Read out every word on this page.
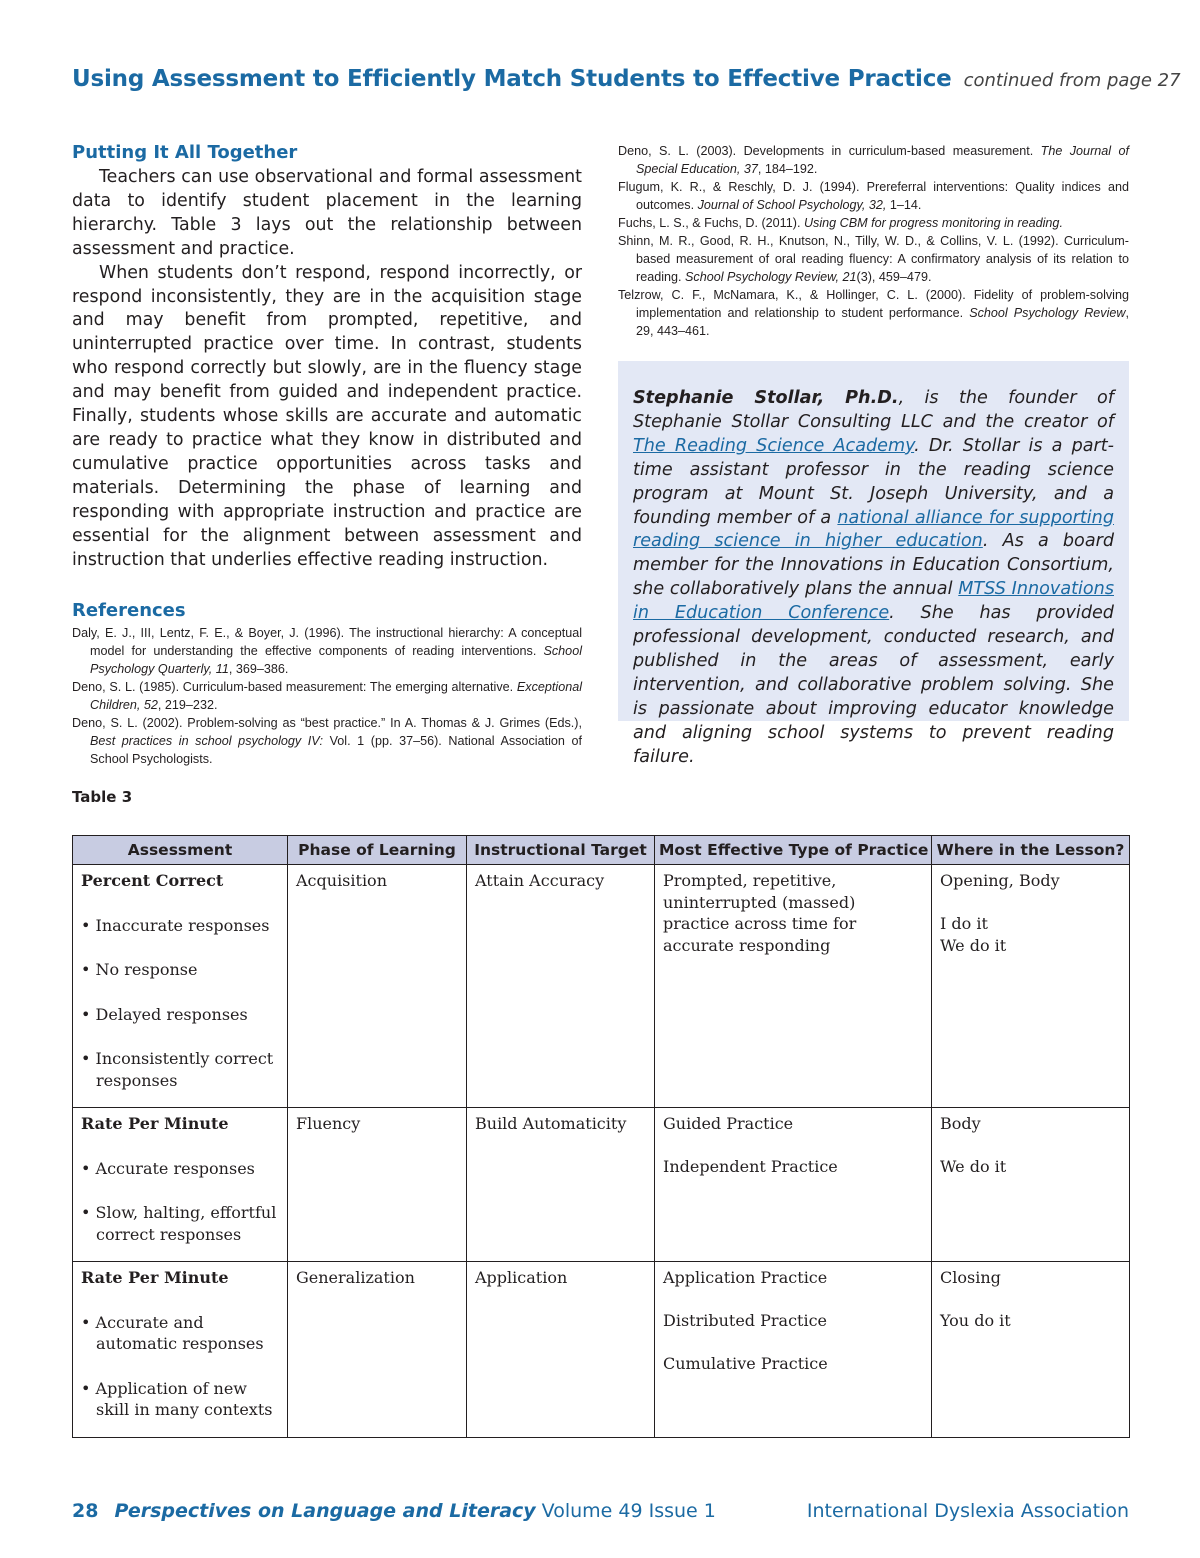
Using Assessment to Efficiently Match Students to Effective Practice continued from page 27
Putting It All Together

Teachers can use observational and formal assessment data to identify student placement in the learning hierarchy. Table 3 lays out the relationship between assessment and practice.

When students don’t respond, respond incorrectly, or respond inconsistently, they are in the acquisition stage and may benefit from prompted, repetitive, and uninterrupted practice over time. In contrast, students who respond correctly but slowly, are in the fluency stage and may benefit from guided and independent practice. Finally, students whose skills are accurate and automatic are ready to practice what they know in distributed and cumulative practice opportunities across tasks and materials. Determining the phase of learning and responding with appropriate instruction and practice are essential for the alignment between assessment and instruction that underlies effective reading instruction.

References

Daly, E. J., III, Lentz, F. E., & Boyer, J. (1996). The instructional hierarchy: A conceptual model for understanding the effective components of reading interventions. School Psychology Quarterly, 11, 369–386.

Deno, S. L. (1985). Curriculum-based measurement: The emerging alternative. Exceptional Children, 52, 219–232.

Deno, S. L. (2002). Problem-solving as “best practice.” In A. Thomas & J. Grimes (Eds.), Best practices in school psychology IV: Vol. 1 (pp. 37–56). National Association of School Psychologists.

Deno, S. L. (2003). Developments in curriculum-based measurement. The Journal of Special Education, 37, 184–192.

Flugum, K. R., & Reschly, D. J. (1994). Prereferral interventions: Quality indices and outcomes. Journal of School Psychology, 32, 1–14.

Fuchs, L. S., & Fuchs, D. (2011). Using CBM for progress monitoring in reading.

Shinn, M. R., Good, R. H., Knutson, N., Tilly, W. D., & Collins, V. L. (1992). Curriculum-based measurement of oral reading fluency: A confirmatory analysis of its relation to reading. School Psychology Review, 21(3), 459–479.

Telzrow, C. F., McNamara, K., & Hollinger, C. L. (2000). Fidelity of problem-solving implementation and relationship to student performance. School Psychology Review, 29, 443–461.

Stephanie Stollar, Ph.D., is the founder of Stephanie Stollar Consulting LLC and the creator of The Reading Science Academy. Dr. Stollar is a part-time assistant professor in the reading science program at Mount St. Joseph University, and a founding member of a national alliance for supporting reading science in higher education. As a board member for the Innovations in Education Consortium, she collaboratively plans the annual MTSS Innovations in Education Conference. She has provided professional development, conducted research, and published in the areas of assessment, early intervention, and collaborative problem solving. She is passionate about improving educator knowledge and aligning school systems to prevent reading failure.

Table 3
Assessment	Phase of Learning	Instructional Target	Most Effective Type of Practice	Where in the Lesson?

Percent Correct
• Inaccurate responses
• No response
• Delayed responses
• Inconsistently correct responses	Acquisition	Attain Accuracy	Prompted, repetitive, uninterrupted (massed) practice across time for accurate responding	Opening, Body
I do it
We do it

Rate Per Minute
• Accurate responses
• Slow, halting, effortful correct responses	Fluency	Build Automaticity	Guided Practice
Independent Practice	Body
We do it

Rate Per Minute
• Accurate and automatic responses
• Application of new skill in many contexts	Generalization	Application	Application Practice
Distributed Practice
Cumulative Practice	Closing
You do it
28 Perspectives on Language and Literacy Volume 49 Issue 1	International Dyslexia Association
